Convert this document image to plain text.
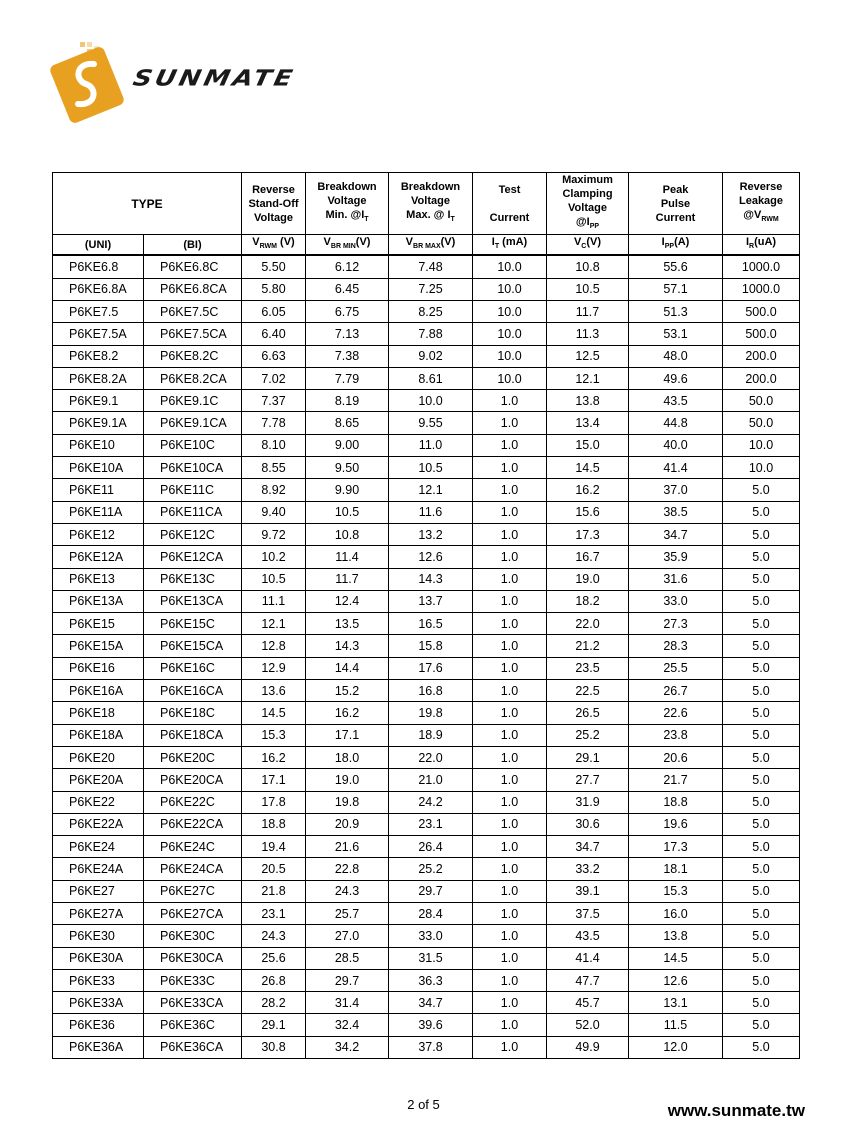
SUNMATE
TYPE		Reverse
Stand-Off
Voltage	Breakdown
Voltage
Min. $@I_T$	Breakdown
Voltage
Max. @ $I_T$	Test

Current	Maximum
Clamping
Voltage
$@I_{PP}$	Peak
Pulse
Current	Reverse
Leakage
$@V_{RWM}$
(UNI)	(BI)	$V_{RWM}$ (V)	$V_{BR MIN}(V)$	$V_{BR MAX}(V)$	$I_T$ (mA)	$V_C(V)$	$I_{PP}(A)$	$I_R(uA)$
P6KE6.8	P6KE6.8C	5.50	6.12	7.48	10.0	10.8	55.6	1000.0
P6KE6.8A	P6KE6.8CA	5.80	6.45	7.25	10.0	10.5	57.1	1000.0
P6KE7.5	P6KE7.5C	6.05	6.75	8.25	10.0	11.7	51.3	500.0
P6KE7.5A	P6KE7.5CA	6.40	7.13	7.88	10.0	11.3	53.1	500.0
P6KE8.2	P6KE8.2C	6.63	7.38	9.02	10.0	12.5	48.0	200.0
P6KE8.2A	P6KE8.2CA	7.02	7.79	8.61	10.0	12.1	49.6	200.0
P6KE9.1	P6KE9.1C	7.37	8.19	10.0	1.0	13.8	43.5	50.0
P6KE9.1A	P6KE9.1CA	7.78	8.65	9.55	1.0	13.4	44.8	50.0
P6KE10	P6KE10C	8.10	9.00	11.0	1.0	15.0	40.0	10.0
P6KE10A	P6KE10CA	8.55	9.50	10.5	1.0	14.5	41.4	10.0
P6KE11	P6KE11C	8.92	9.90	12.1	1.0	16.2	37.0	5.0
P6KE11A	P6KE11CA	9.40	10.5	11.6	1.0	15.6	38.5	5.0
P6KE12	P6KE12C	9.72	10.8	13.2	1.0	17.3	34.7	5.0
P6KE12A	P6KE12CA	10.2	11.4	12.6	1.0	16.7	35.9	5.0
P6KE13	P6KE13C	10.5	11.7	14.3	1.0	19.0	31.6	5.0
P6KE13A	P6KE13CA	11.1	12.4	13.7	1.0	18.2	33.0	5.0
P6KE15	P6KE15C	12.1	13.5	16.5	1.0	22.0	27.3	5.0
P6KE15A	P6KE15CA	12.8	14.3	15.8	1.0	21.2	28.3	5.0
P6KE16	P6KE16C	12.9	14.4	17.6	1.0	23.5	25.5	5.0
P6KE16A	P6KE16CA	13.6	15.2	16.8	1.0	22.5	26.7	5.0
P6KE18	P6KE18C	14.5	16.2	19.8	1.0	26.5	22.6	5.0
P6KE18A	P6KE18CA	15.3	17.1	18.9	1.0	25.2	23.8	5.0
P6KE20	P6KE20C	16.2	18.0	22.0	1.0	29.1	20.6	5.0
P6KE20A	P6KE20CA	17.1	19.0	21.0	1.0	27.7	21.7	5.0
P6KE22	P6KE22C	17.8	19.8	24.2	1.0	31.9	18.8	5.0
P6KE22A	P6KE22CA	18.8	20.9	23.1	1.0	30.6	19.6	5.0
P6KE24	P6KE24C	19.4	21.6	26.4	1.0	34.7	17.3	5.0
P6KE24A	P6KE24CA	20.5	22.8	25.2	1.0	33.2	18.1	5.0
P6KE27	P6KE27C	21.8	24.3	29.7	1.0	39.1	15.3	5.0
P6KE27A	P6KE27CA	23.1	25.7	28.4	1.0	37.5	16.0	5.0
P6KE30	P6KE30C	24.3	27.0	33.0	1.0	43.5	13.8	5.0
P6KE30A	P6KE30CA	25.6	28.5	31.5	1.0	41.4	14.5	5.0
P6KE33	P6KE33C	26.8	29.7	36.3	1.0	47.7	12.6	5.0
P6KE33A	P6KE33CA	28.2	31.4	34.7	1.0	45.7	13.1	5.0
P6KE36	P6KE36C	29.1	32.4	39.6	1.0	52.0	11.5	5.0
P6KE36A	P6KE36CA	30.8	34.2	37.8	1.0	49.9	12.0	5.0
2 of 5	www.sunmate.tw
